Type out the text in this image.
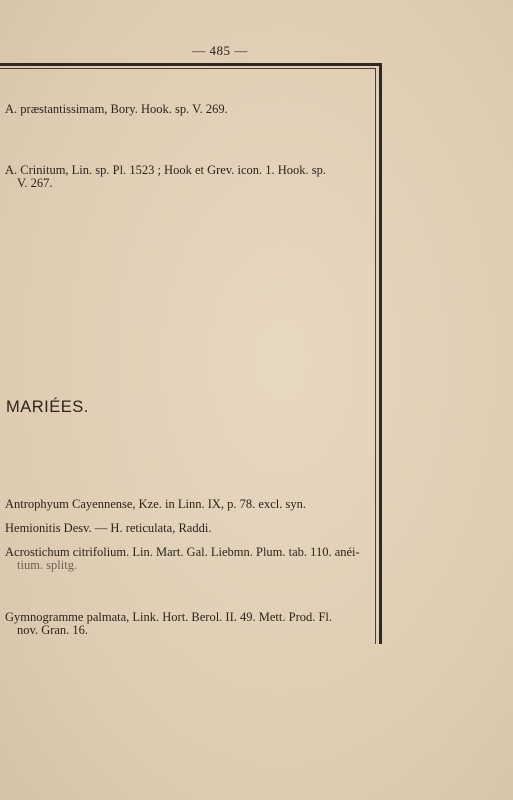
— 485 —
A. præstantissimam, Bory. Hook. sp. V. 269.
A. Crinitum, Lin. sp. Pl. 1523 ; Hook et Grev. icon. 1. Hook. sp.
V. 267.
MARIÉES.
Antrophyum Cayennense, Kze. in Linn. IX, p. 78. excl. syn.
Hemionitis Desv. — H. reticulata, Raddi.
Acrostichum citrifolium. Lin. Mart. Gal. Liebmn. Plum. tab. 110. anéi-
tium. splitg.
Gymnogramme palmata, Link. Hort. Berol. II. 49. Mett. Prod. Fl.
nov. Gran. 16.
